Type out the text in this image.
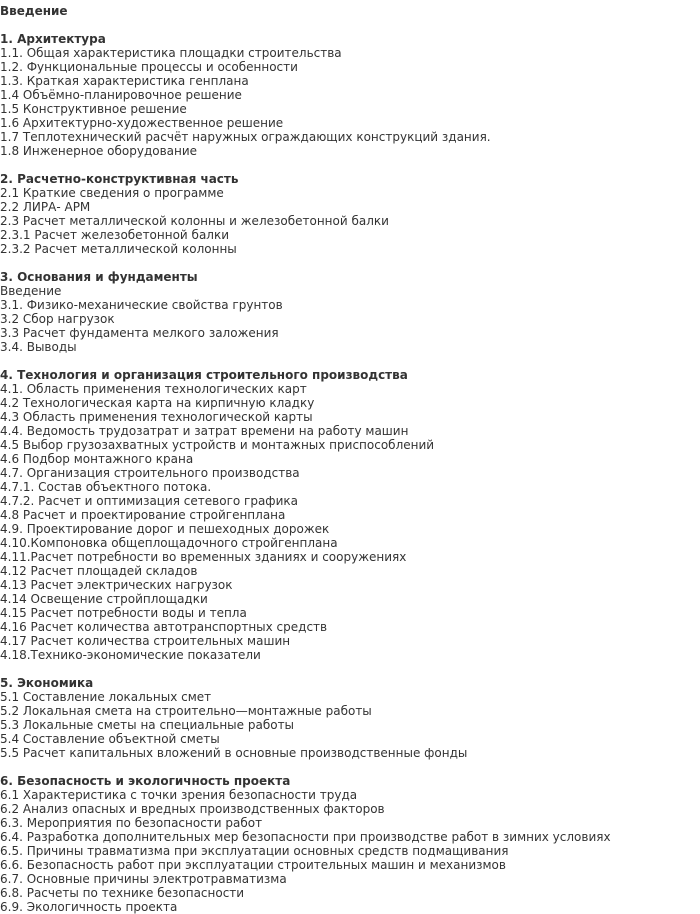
Введение
1. Архитектура
1.1. Общая характеристика площадки строительства
1.2. Функциональные процессы и особенности
1.3. Краткая характеристика генплана
1.4 Объёмно-планировочное решение
1.5 Конструктивное решение
1.6 Архитектурно-художественное решение
1.7 Теплотехнический расчёт наружных ограждающих конструкций здания.
1.8 Инженерное оборудование
2. Расчетно-конструктивная часть
2.1 Краткие сведения о программе
2.2 ЛИРА- АРМ
2.3 Расчет металлической колонны и железобетонной балки
2.3.1 Расчет железобетонной балки
2.3.2 Расчет металлической колонны
3. Основания и фундаменты
Введение
3.1. Физико-механические свойства грунтов
3.2 Сбор нагрузок
3.3 Расчет фундамента мелкого заложения
3.4. Выводы
4. Технология и организация строительного производства
4.1. Область применения технологических карт
4.2 Технологическая карта на кирпичную кладку
4.3 Область применения технологической карты
4.4. Ведомость трудозатрат и затрат времени на работу машин
4.5 Выбор грузозахватных устройств и монтажных приспособлений
4.6 Подбор монтажного крана
4.7. Организация строительного производства
4.7.1. Состав объектного потока.
4.7.2. Расчет и оптимизация сетевого графика
4.8 Расчет и проектирование стройгенплана
4.9. Проектирование дорог и пешеходных дорожек
4.10.Компоновка общеплощадочного стройгенплана
4.11.Расчет потребности во временных зданиях и сооружениях
4.12 Расчет площадей складов
4.13 Расчет электрических нагрузок
4.14 Освещение стройплощадки
4.15 Расчет потребности воды и тепла
4.16 Расчет количества автотранспортных средств
4.17 Расчет количества строительных машин
4.18.Технико-экономические показатели
5. Экономика
5.1 Составление локальных смет
5.2 Локальная смета на строительно—монтажные работы
5.3 Локальные сметы на специальные работы
5.4 Составление объектной сметы
5.5 Расчет капитальных вложений в основные производственные фонды
6. Безопасность и экологичность проекта
6.1 Характеристика с точки зрения безопасности труда
6.2 Анализ опасных и вредных производственных факторов
6.3. Мероприятия по безопасности работ
6.4. Разработка дополнительных мер безопасности при производстве работ в зимних условиях
6.5. Причины травматизма при эксплуатации основных средств подмащивания
6.6. Безопасность работ при эксплуатации строительных машин и механизмов
6.7. Основные причины электротравматизма
6.8. Расчеты по технике безопасности
6.9. Экологичность проекта
